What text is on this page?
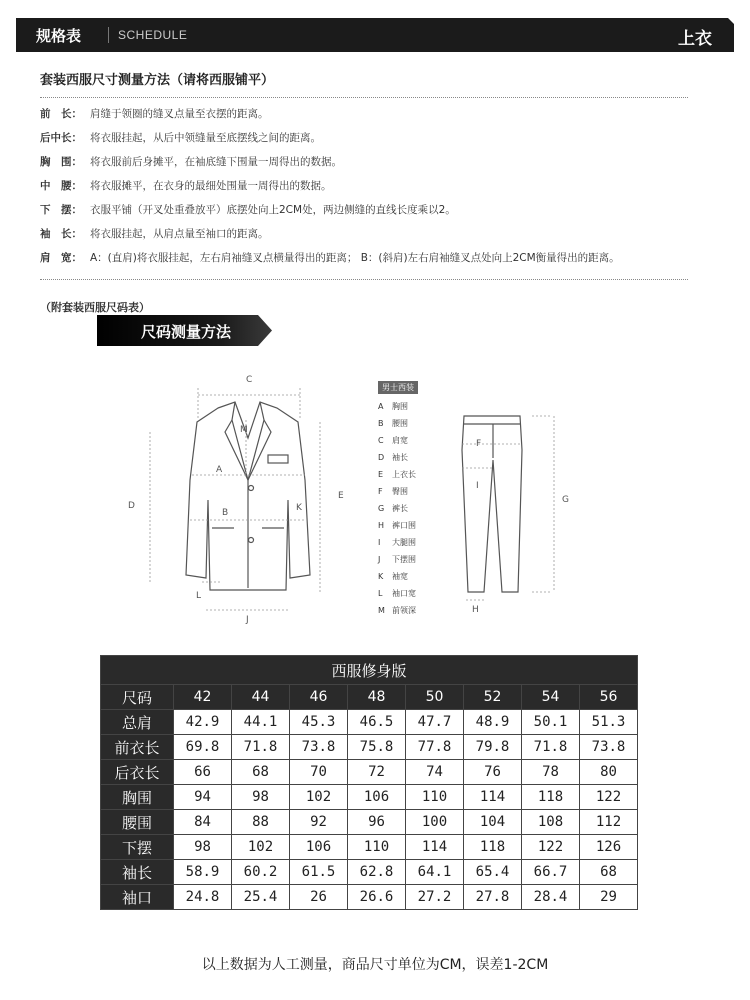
规格表	SCHEDULE	上衣
套装西服尺寸测量方法（请将西服铺平）
前　长： 肩缝于领圈的缝叉点量至衣摆的距离。
后中长： 将衣服挂起，从后中领缝量至底摆线之间的距离。
胸　围： 将衣服前后身摊平，在袖底缝下围量一周得出的数据。
中　腰： 将衣服摊平，在衣身的最细处围量一周得出的数据。
下　摆： 衣服平铺（开叉处重叠放平）底摆处向上2CM处，两边侧缝的直线长度乘以2。
袖　长： 将衣服挂起，从肩点量至袖口的距离。
肩　宽： A：(直肩)将衣服挂起，左右肩袖缝叉点横量得出的距离； B：(斜肩)左右肩袖缝叉点处向上2CM衡量得出的距离。
（附套装西服尺码表）
尺码测量方法
C
M
A
B	K
D
E
L
J
F
I
G
H
男士西装
A 胸围
B 腰围
C 肩宽
D 袖长
E 上衣长
F 臀围
G 裤长
H 裤口围
I 大腿围
J 下摆围
K 袖宽
L 袖口宽
M 前领深
西服修身版								
尺码	42	44	46	48	50	52	54	56
总肩	42.9	44.1	45.3	46.5	47.7	48.9	50.1	51.3
前衣长	69.8	71.8	73.8	75.8	77.8	79.8	71.8	73.8
后衣长	66	68	70	72	74	76	78	80
胸围	94	98	102	106	110	114	118	122
腰围	84	88	92	96	100	104	108	112
下摆	98	102	106	110	114	118	122	126
袖长	58.9	60.2	61.5	62.8	64.1	65.4	66.7	68
袖口	24.8	25.4	26	26.6	27.2	27.8	28.4	29
以上数据为人工测量，商品尺寸单位为CM，误差1-2CM
